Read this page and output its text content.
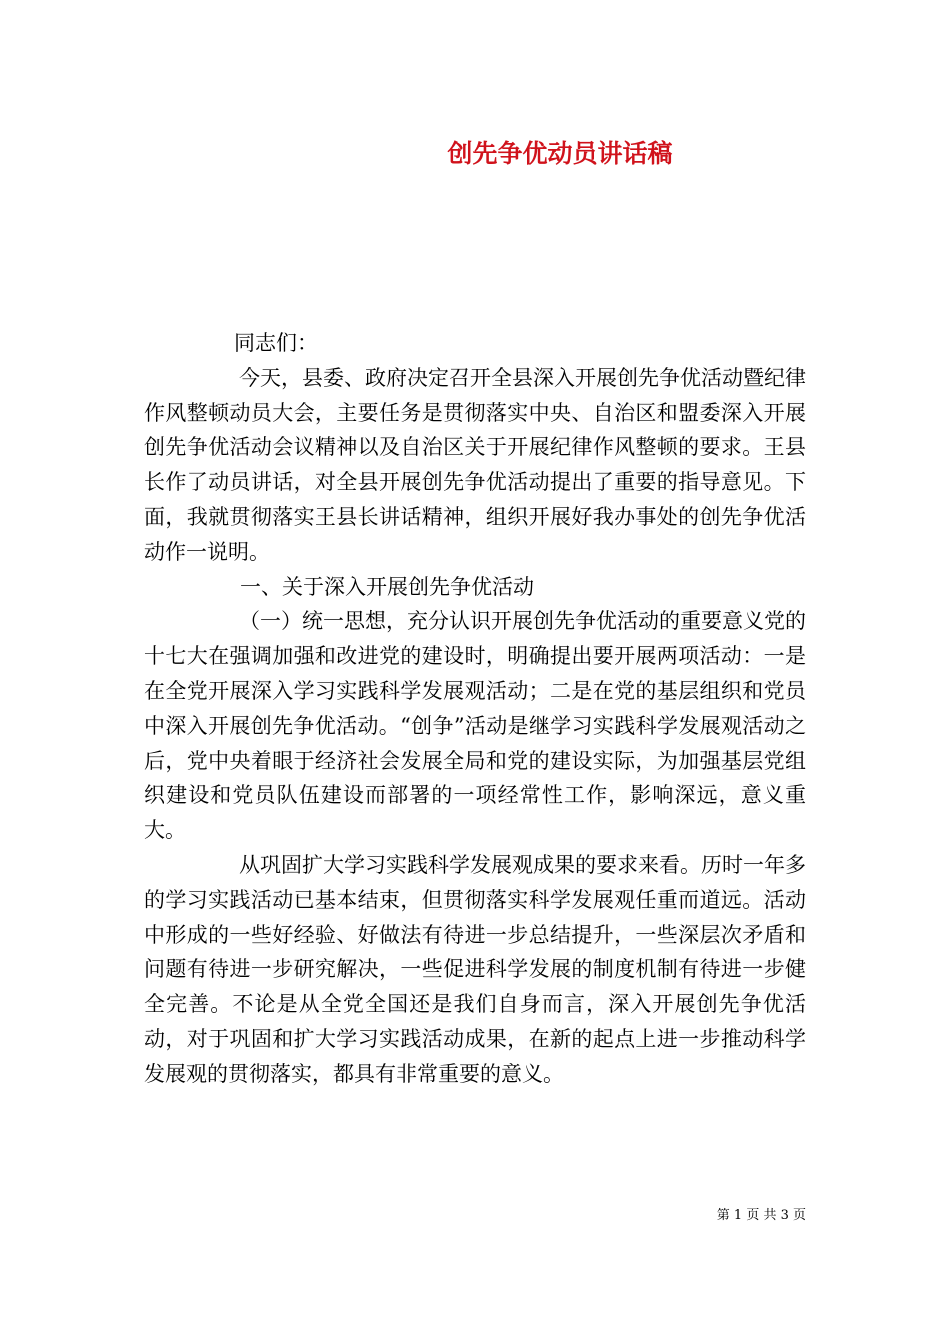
创先争优动员讲话稿

同志们：

今天，县委、政府决定召开全县深入开展创先争优活动暨纪律作风整顿动员大会，主要任务是贯彻落实中央、自治区和盟委深入开展创先争优活动会议精神以及自治区关于开展纪律作风整顿的要求。王县长作了动员讲话，对全县开展创先争优活动提出了重要的指导意见。下面，我就贯彻落实王县长讲话精神，组织开展好我办事处的创先争优活动作一说明。

一、关于深入开展创先争优活动

（一）统一思想，充分认识开展创先争优活动的重要意义党的十七大在强调加强和改进党的建设时，明确提出要开展两项活动：一是在全党开展深入学习实践科学发展观活动；二是在党的基层组织和党员中深入开展创先争优活动。“创争”活动是继学习实践科学发展观活动之后，党中央着眼于经济社会发展全局和党的建设实际，为加强基层党组织建设和党员队伍建设而部署的一项经常性工作，影响深远，意义重大。

从巩固扩大学习实践科学发展观成果的要求来看。历时一年多的学习实践活动已基本结束，但贯彻落实科学发展观任重而道远。活动中形成的一些好经验、好做法有待进一步总结提升，一些深层次矛盾和问题有待进一步研究解决，一些促进科学发展的制度机制有待进一步健全完善。不论是从全党全国还是我们自身而言，深入开展创先争优活动，对于巩固和扩大学习实践活动成果，在新的起点上进一步推动科学发展观的贯彻落实，都具有非常重要的意义。

第 1 页 共 3 页
